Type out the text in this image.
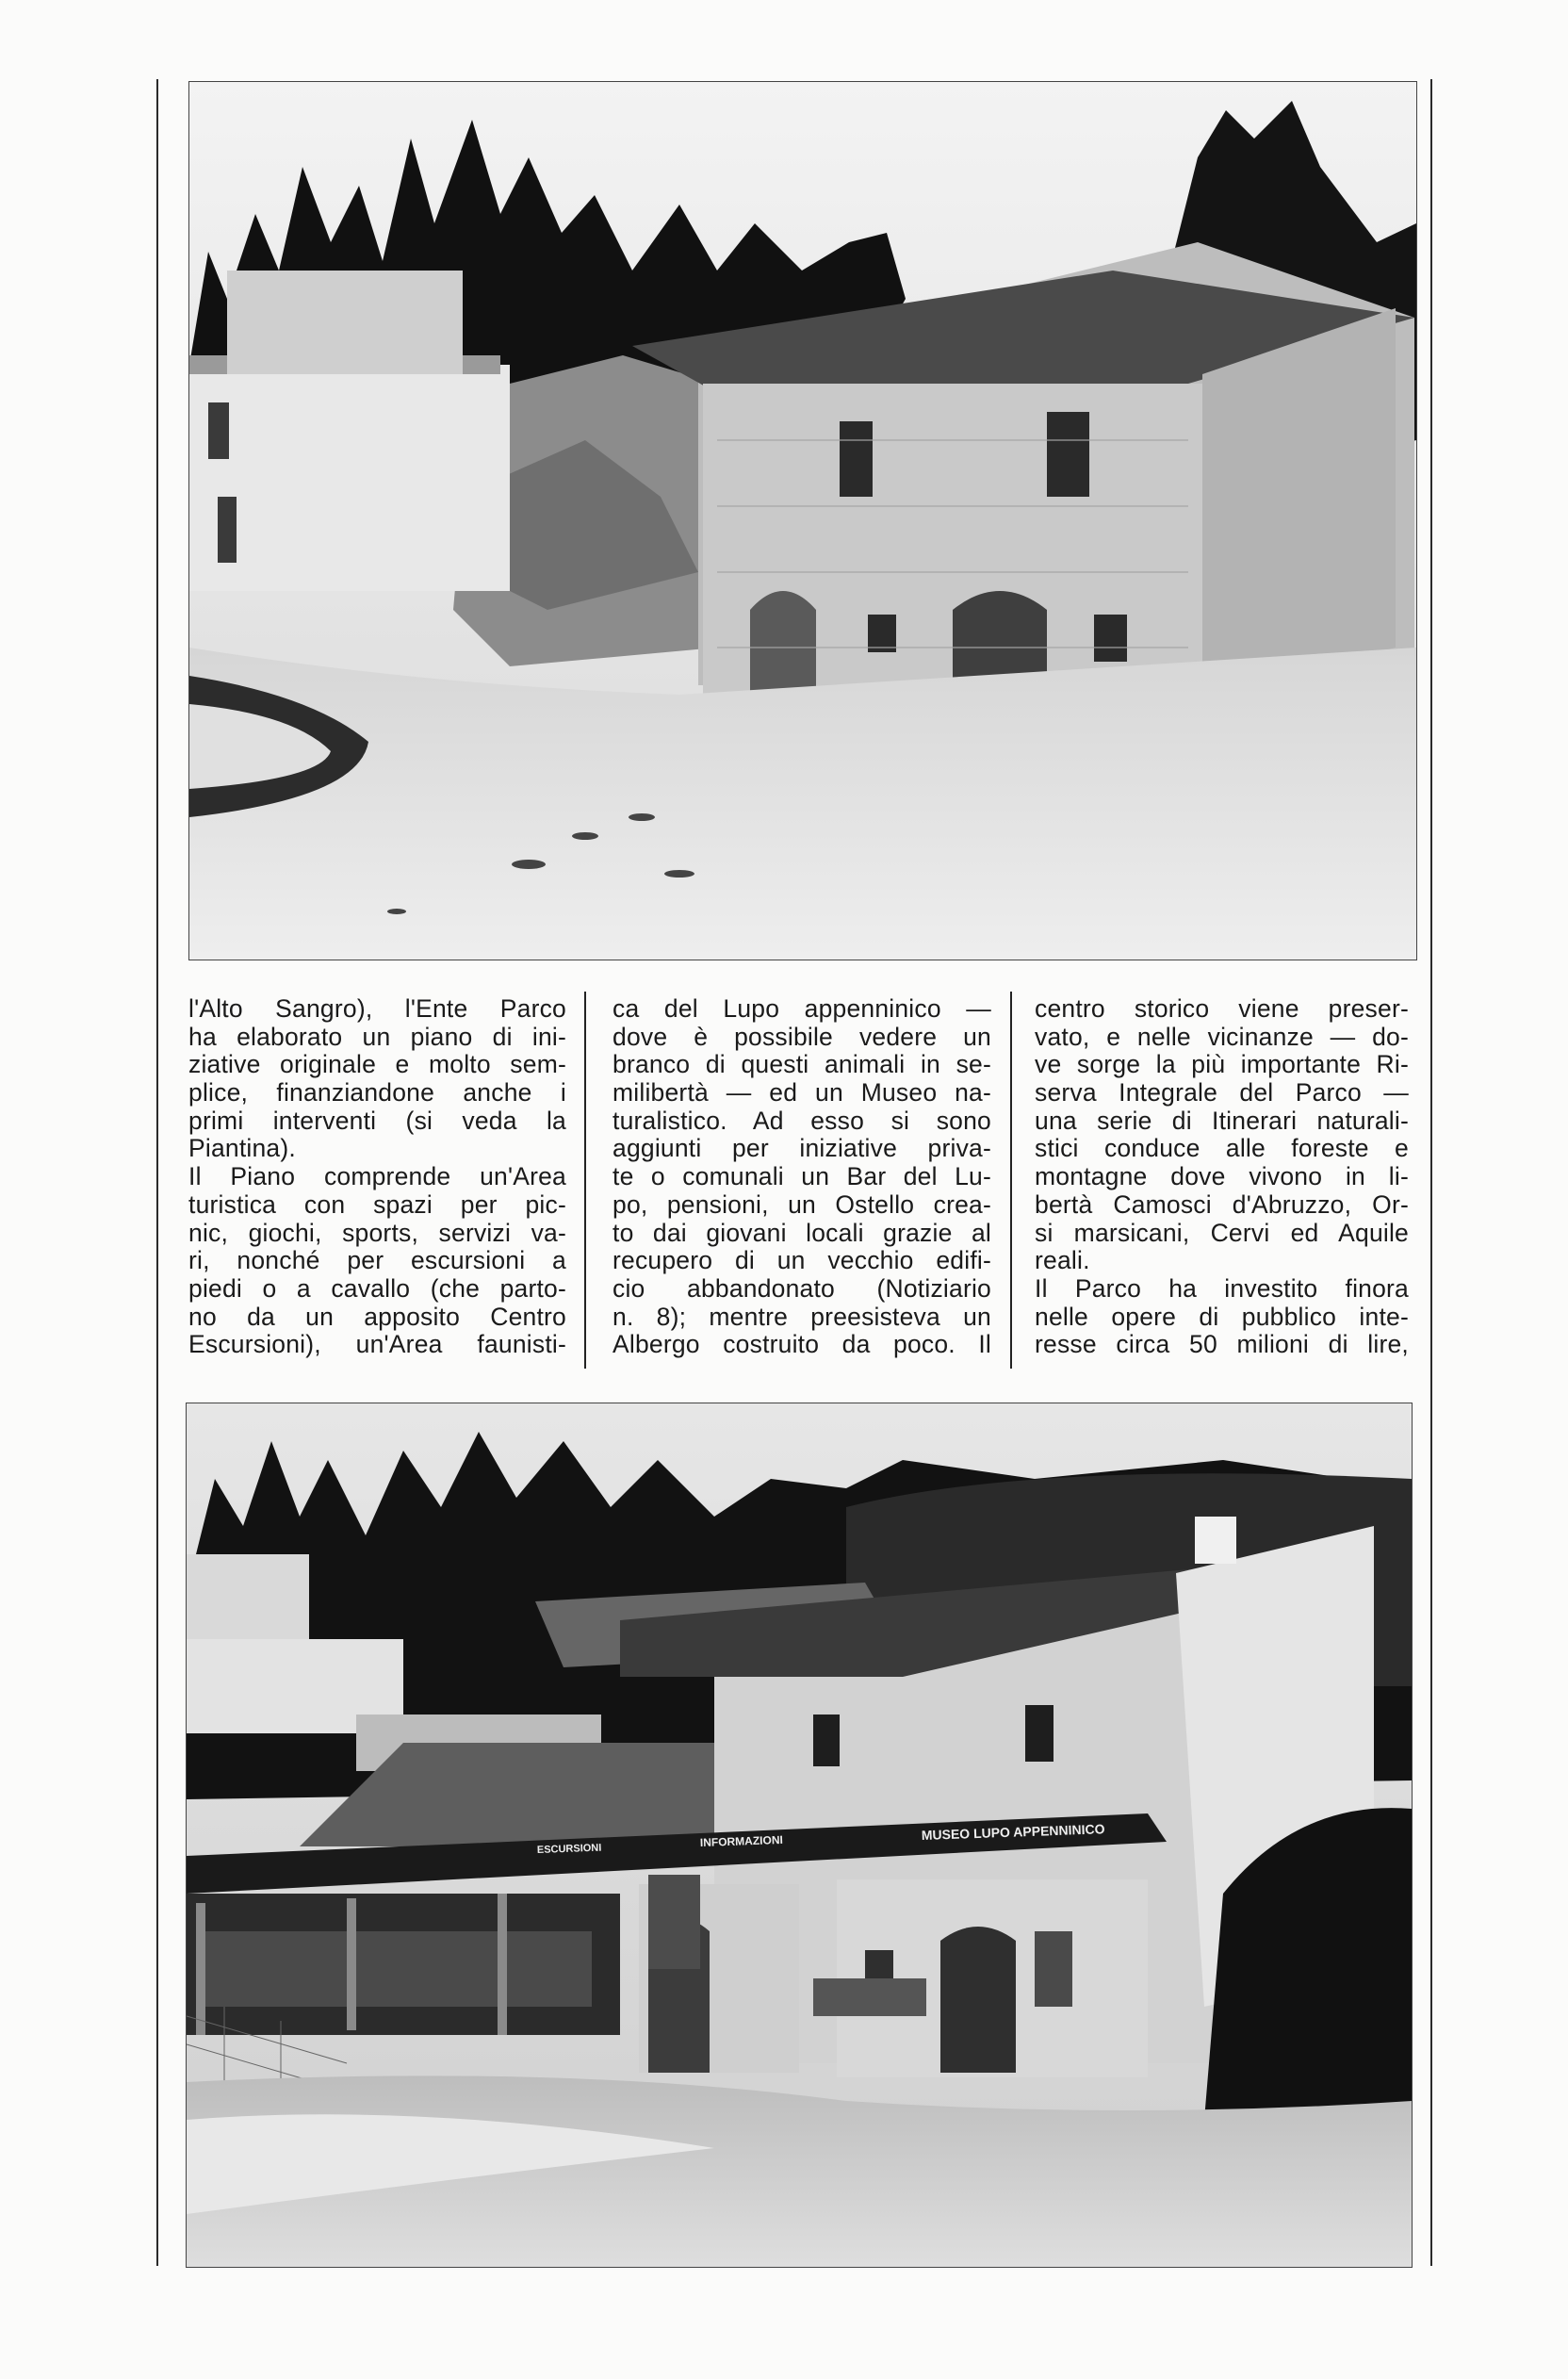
l'Alto Sangro), l'Ente Parco
ha elaborato un piano di ini-
ziative originale e molto sem-
plice, finanziandone anche i
primi interventi (si veda la
Piantina).
Il Piano comprende un'Area
turistica con spazi per pic-
nic, giochi, sports, servizi va-
ri, nonché per escursioni a
piedi o a cavallo (che parto-
no da un apposito Centro
Escursioni), un'Area faunisti-
ca del Lupo appenninico —
dove è possibile vedere un
branco di questi animali in se-
milibertà — ed un Museo na-
turalistico. Ad esso si sono
aggiunti per iniziative priva-
te o comunali un Bar del Lu-
po, pensioni, un Ostello crea-
to dai giovani locali grazie al
recupero di un vecchio edifi-
cio abbandonato (Notiziario
n. 8); mentre preesisteva un
Albergo costruito da poco. Il
centro storico viene preser-
vato, e nelle vicinanze — do-
ve sorge la più importante Ri-
serva Integrale del Parco —
una serie di Itinerari naturali-
stici conduce alle foreste e
montagne dove vivono in li-
bertà Camosci d'Abruzzo, Or-
si marsicani, Cervi ed Aquile
reali.
Il Parco ha investito finora
nelle opere di pubblico inte-
resse circa 50 milioni di lire,
MUSEO LUPO APPENNINICO
INFORMAZIONI
ESCURSIONI
